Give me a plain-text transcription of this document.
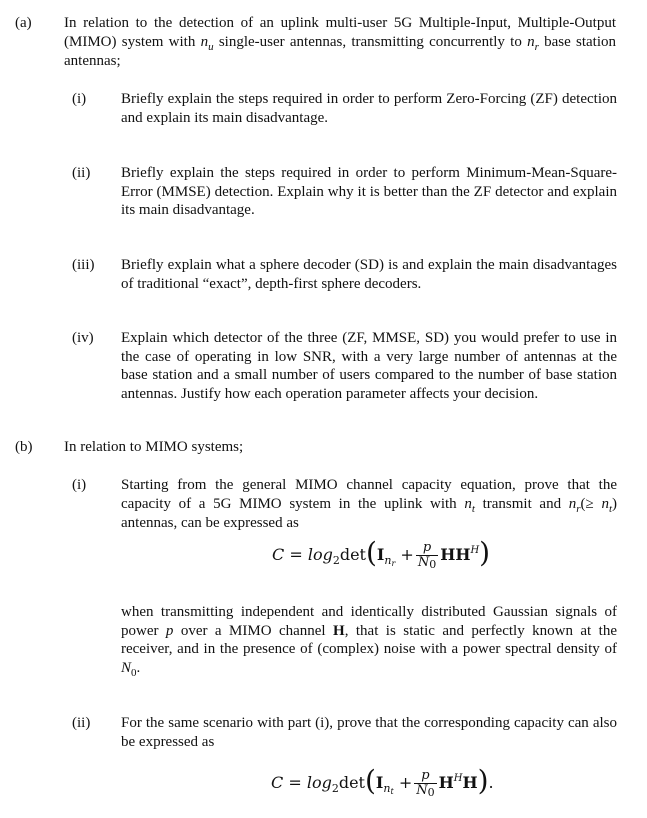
(a) In relation to the detection of an uplink multi-user 5G Multiple-Input, Multiple-Output (MIMO) system with $n_u$ single-user antennas, transmitting concurrently to $n_r$ base station antennas;
(i) Briefly explain the steps required in order to perform Zero-Forcing (ZF) detection and explain its main disadvantage.
(ii) Briefly explain the steps required in order to perform Minimum-Mean-Square-Error (MMSE) detection. Explain why it is better than the ZF detector and explain its main disadvantage.
(iii) Briefly explain what a sphere decoder (SD) is and explain the main disadvantages of traditional “exact”, depth-first sphere decoders.
(iv) Explain which detector of the three (ZF, MMSE, SD) you would prefer to use in the case of operating in low SNR, with a very large number of antennas at the base station and a small number of users compared to the number of base station antennas. Justify how each operation parameter affects your decision.
(b) In relation to MIMO systems;
(i) Starting from the general MIMO channel capacity equation, prove that the capacity of a 5G MIMO system in the uplink with $n_t$ transmit and $n_r(\ge n_t)$ antennas, can be expressed as
$C = \log_2\det(I_{nr} + \frac{p}{N0} HH^H)$
when transmitting independent and identically distributed Gaussian signals of power p over a MIMO channel H, that is static and perfectly known at the receiver, and in the presence of (complex) noise with a power spectral density of $N_0$.
(ii) For the same scenario with part (i), prove that the corresponding capacity can also be expressed as
$C = \log_2\det(I_{nt} + \frac{p}{N0} H^HH)$.
